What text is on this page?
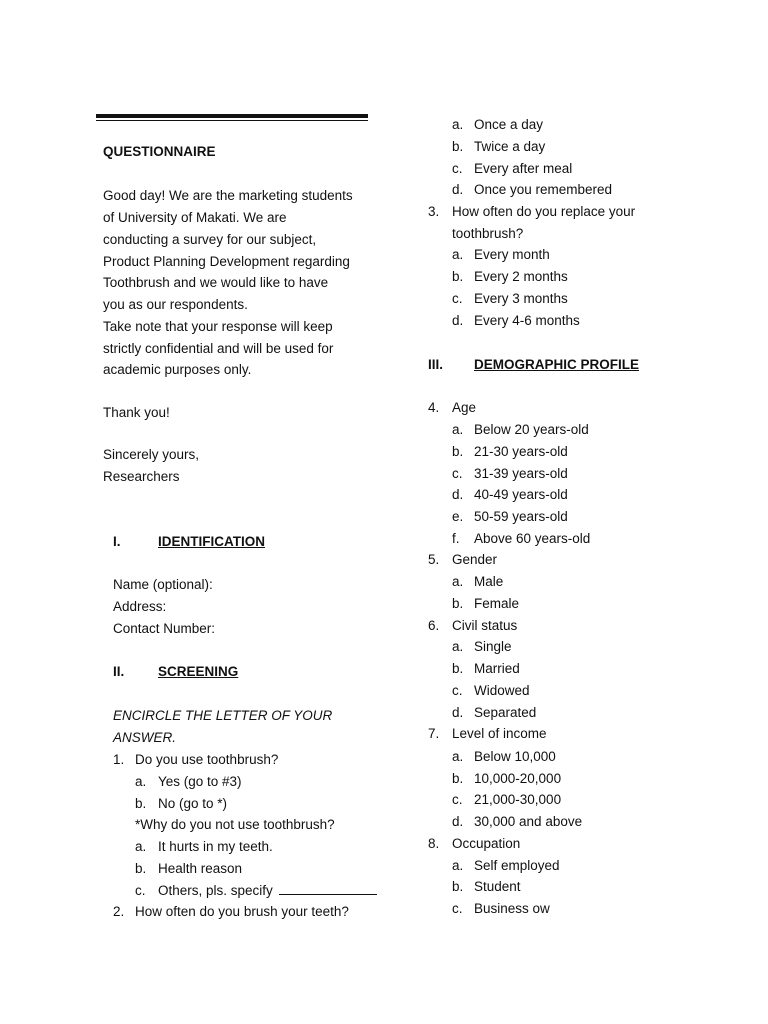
QUESTIONNAIRE
Good day! We are the marketing students
of University of Makati. We are
conducting a survey for our subject,
Product Planning Development regarding
Toothbrush and we would like to have
you as our respondents.
Take note that your response will keep
strictly confidential and will be used for
academic purposes only.
Thank you!
Sincerely yours,
Researchers
I.	IDENTIFICATION
Name (optional):
Address:
Contact Number:
II. SCREENING
ENCIRCLE THE LETTER OF YOUR
ANSWER.
1. Do you use toothbrush?
a. Yes (go to #3)
b. No (go to *)
*Why do you not use toothbrush?
a. It hurts in my teeth.
b. Health reason
c. Others, pls. specify
2. How often do you brush your teeth?
a. Once a day
b. Twice a day
c. Every after meal
d. Once you remembered
3. How often do you replace your
toothbrush?
a. Every month
b. Every 2 months
c. Every 3 months
d. Every 4-6 months
III. DEMOGRAPHIC PROFILE
4. Age
a. Below 20 years-old
b. 21-30 years-old
c. 31-39 years-old
d. 40-49 years-old
e. 50-59 years-old
f. Above 60 years-old
5. Gender
a. Male
b. Female
6. Civil status
a. Single
b. Married
c. Widowed
d. Separated
7. Level of income
a. Below 10,000
b. 10,000-20,000
c. 21,000-30,000
d. 30,000 and above
8. Occupation
a. Self employed
b. Student
c. Business ow
